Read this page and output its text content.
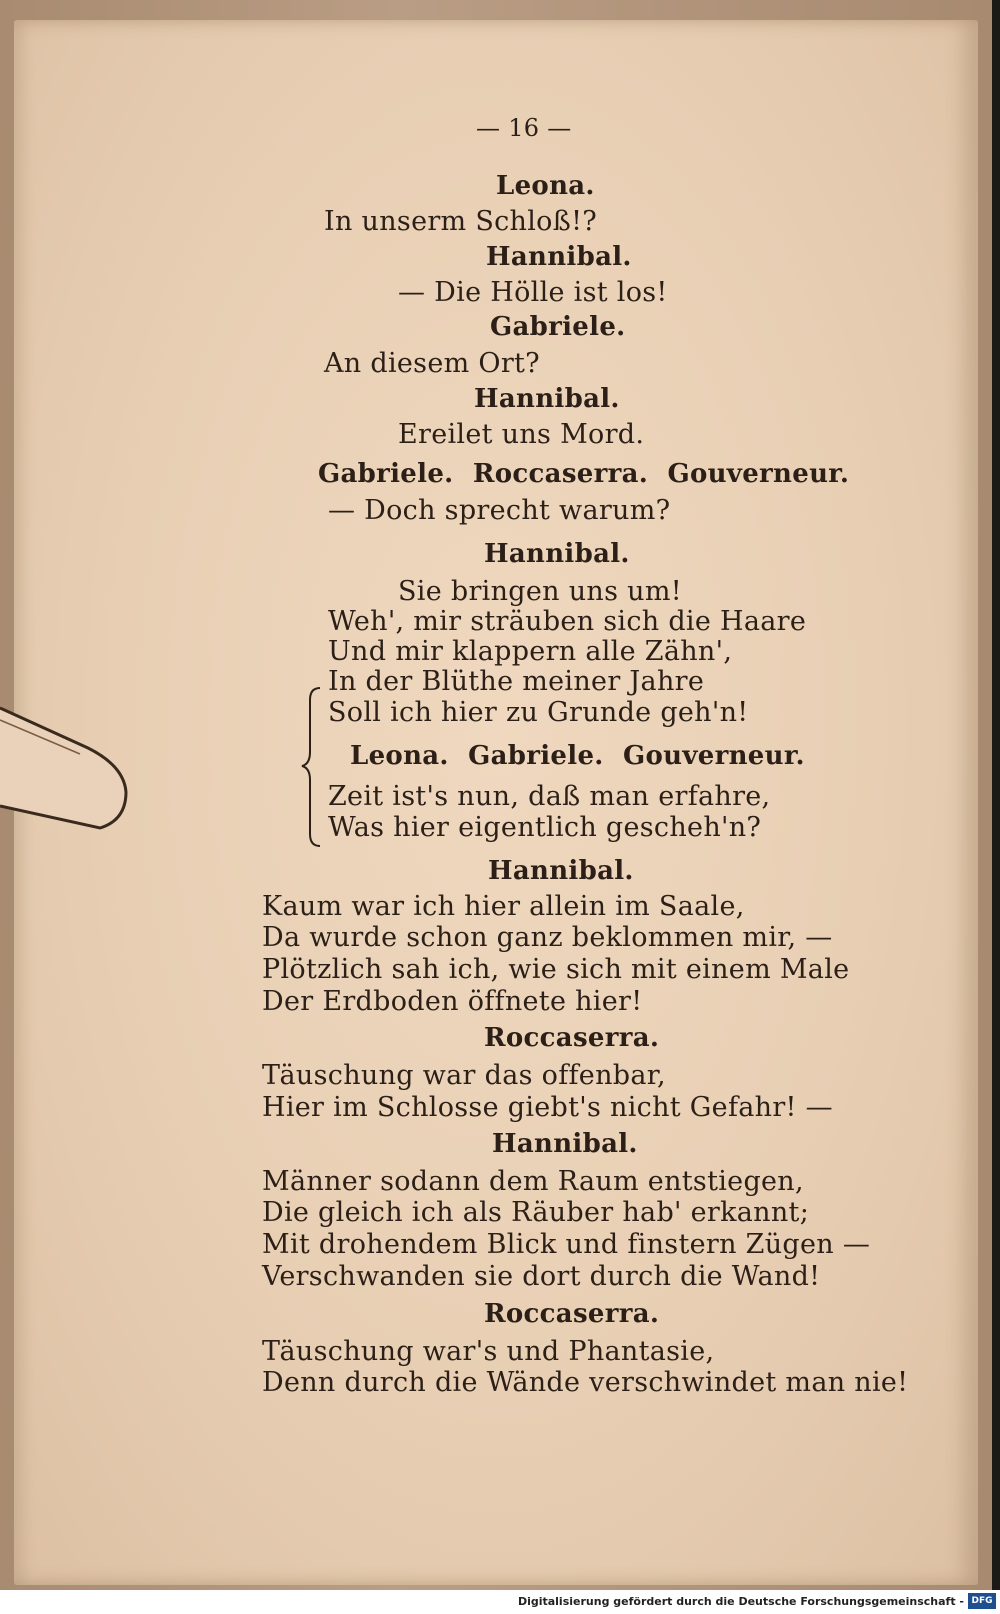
— 16 —
Leona.
In unserm Schloß!?
Hannibal.
— Die Hölle ist los!
Gabriele.
An diesem Ort?
Hannibal.
Ereilet uns Mord.
Gabriele. Roccaserra. Gouverneur.
— Doch sprecht warum?
Hannibal.
Sie bringen uns um!
Weh', mir sträuben sich die Haare
Und mir klappern alle Zähn',
In der Blüthe meiner Jahre
Soll ich hier zu Grunde geh'n!
Leona. Gabriele. Gouverneur.
Zeit ist's nun, daß man erfahre,
Was hier eigentlich gescheh'n?
Hannibal.
Kaum war ich hier allein im Saale,
Da wurde schon ganz beklommen mir, —
Plötzlich sah ich, wie sich mit einem Male
Der Erdboden öffnete hier!
Roccaserra.
Täuschung war das offenbar,
Hier im Schlosse giebt's nicht Gefahr! —
Hannibal.
Männer sodann dem Raum entstiegen,
Die gleich ich als Räuber hab' erkannt;
Mit drohendem Blick und finstern Zügen —
Verschwanden sie dort durch die Wand!
Roccaserra.
Täuschung war's und Phantasie,
Denn durch die Wände verschwindet man nie!
Digitalisierung gefördert durch die Deutsche Forschungsgemeinschaft - DFG
